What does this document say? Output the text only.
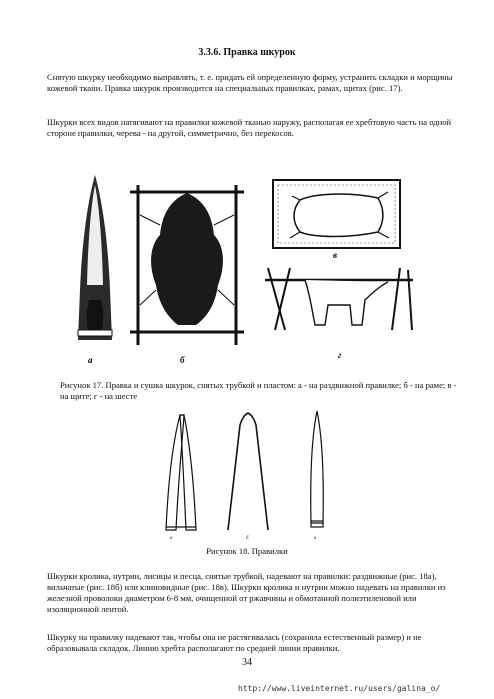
3.3.6. Правка шкурок

Снятую шкурку необходимо выправлять, т. е. придать ей определенную форму, устранить складки и морщины кожевой ткани. Правка шкурок производится на специальных правилках, рамах, щитах (рис. 17).

Шкурки всех видов натягивают на правилки кожевой тканью наружу, располагая ее хребтовую часть на одной стороне правилки, черева - на другой, симметрично, без перекосов.

а	б
в
г

Рисунок 17. Правка и сушка шкурок, снятых трубкой и пластом: а - на раздвижной правилке; б - на раме; в - на щите; г - на шесте

а	б	в

Рисунок 18. Правилки

Шкурки кролика, нутрии, лисицы и песца, снятые трубкой, надевают на правилки: раздвижные (рис. 18а), вильчатые (рис. 18б) или клиновидные (рис. 18в). Шкурки кролика и нутрии можно надевать на правилки из железной проволоки диаметром 6-8 мм, очищенной от ржавчины и обмотанной полиэтиленовой или изоляционной лентой.

Шкурку на правилку надевают так, чтобы она не растягивалась (сохраняла естественный размер) и не образовывала складок. Линию хребта располагают по средней линии правилки.

34
http://www.liveinternet.ru/users/galina_o/
